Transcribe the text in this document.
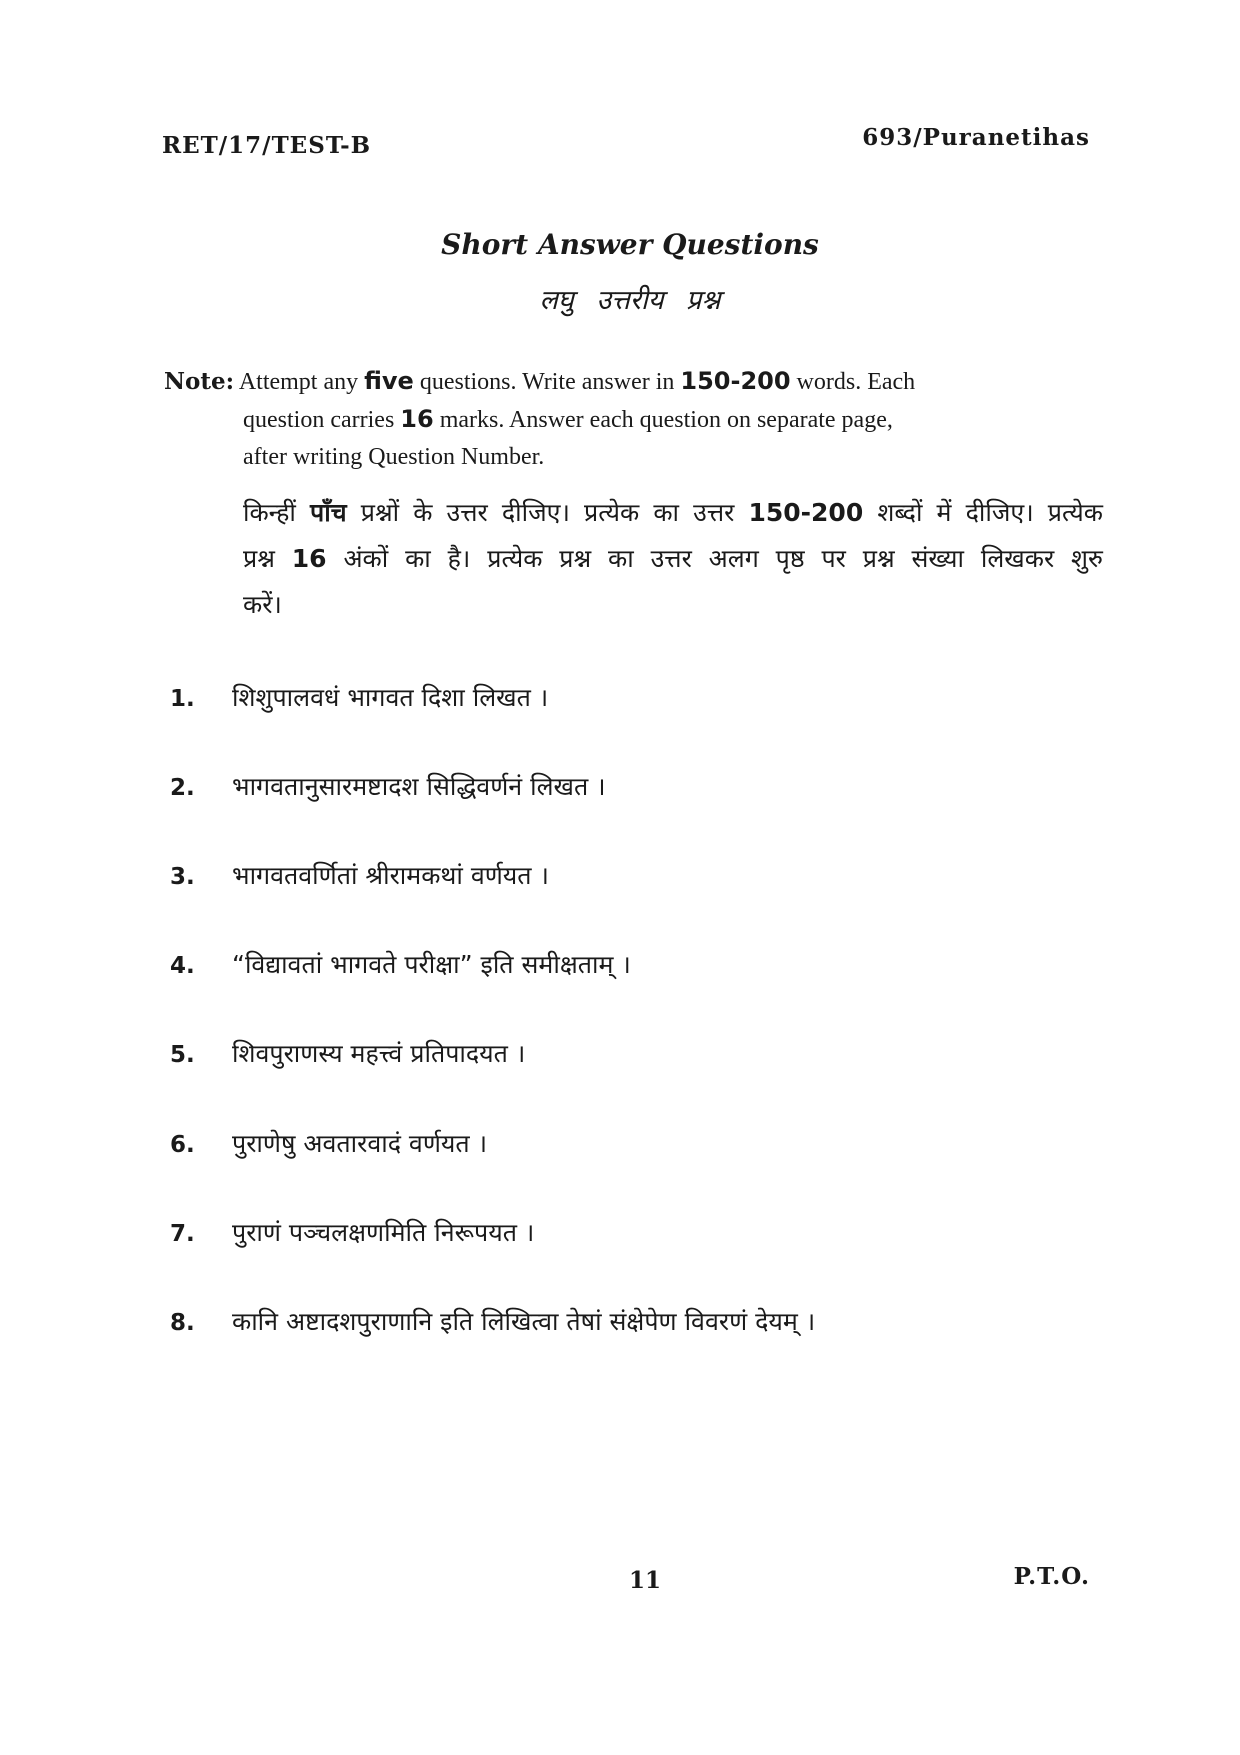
RET/17/TEST-B	693/Puranetihas
Short Answer Questions
लघु उत्तरीय प्रश्न
Note: Attempt any five questions. Write answer in 150-200 words. Each
question carries 16 marks. Answer each question on separate page,
after writing Question Number.
किन्हीं पाँच प्रश्नों के उत्तर दीजिए। प्रत्येक का उत्तर 150-200 शब्दों में दीजिए। प्रत्येक प्रश्न 16 अंकों का है। प्रत्येक प्रश्न का उत्तर अलग पृष्ठ पर प्रश्न संख्या लिखकर शुरु करें।
1.	शिशुपालवधं भागवत दिशा लिखत ।
2.	भागवतानुसारमष्टादश सिद्धिवर्णनं लिखत ।
3.	भागवतवर्णितां श्रीरामकथां वर्णयत ।
4.	“विद्यावतां भागवते परीक्षा” इति समीक्षताम् ।
5.	शिवपुराणस्य महत्त्वं प्रतिपादयत ।
6.	पुराणेषु अवतारवादं वर्णयत ।
7.	पुराणं पञ्चलक्षणमिति निरूपयत ।
8.	कानि अष्टादशपुराणानि इति लिखित्वा तेषां संक्षेपेण विवरणं देयम् ।
11	P.T.O.
